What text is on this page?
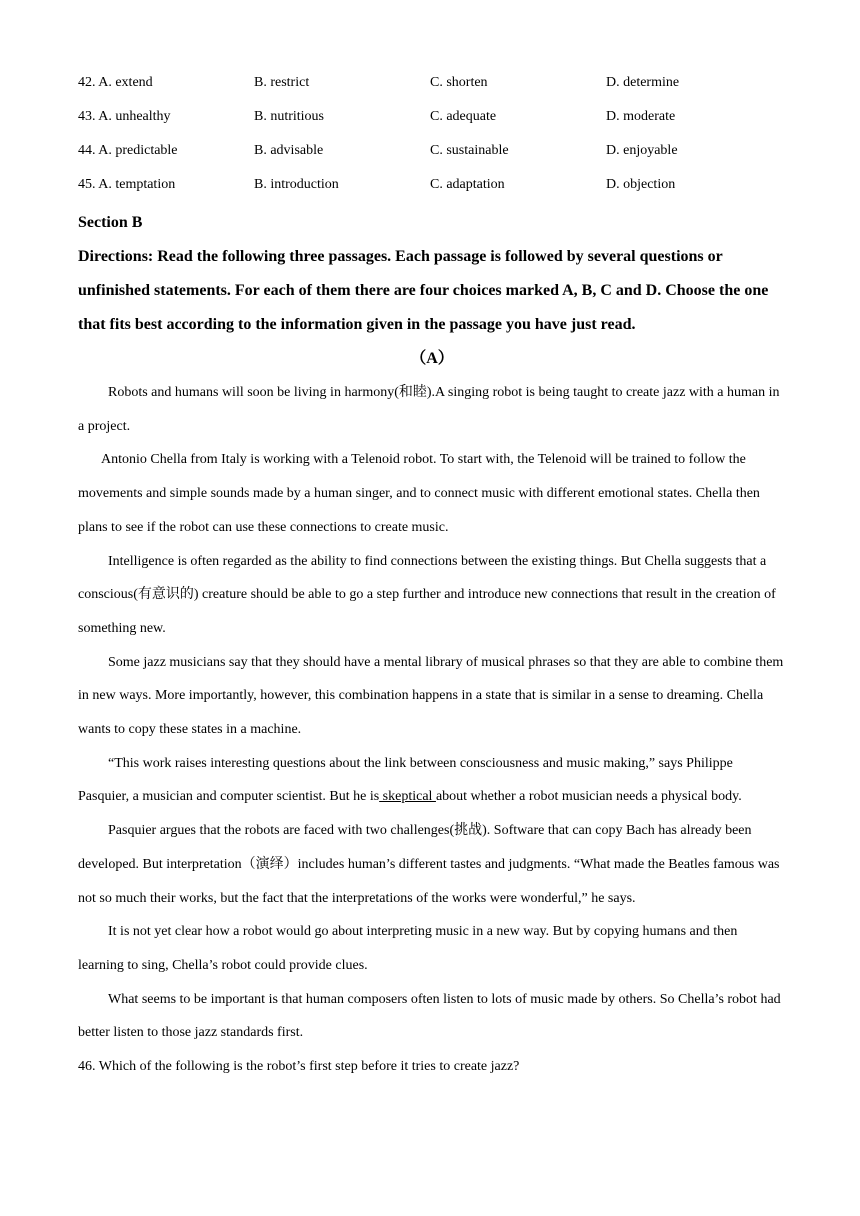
42. A. extend	B. restrict	C. shorten	D. determine
43. A. unhealthy	B. nutritious	C. adequate	D. moderate
44. A. predictable	B. advisable	C. sustainable	D. enjoyable
45. A. temptation	B. introduction	C. adaptation	D. objection
Section B

Directions: Read the following three passages. Each passage is followed by several questions or unfinished statements. For each of them there are four choices marked A, B, C and D. Choose the one that fits best according to the information given in the passage you have just read.

（A）

Robots and humans will soon be living in harmony(和睦).A singing robot is being taught to create jazz with a human in a project.

Antonio Chella from Italy is working with a Telenoid robot. To start with, the Telenoid will be trained to follow the movements and simple sounds made by a human singer, and to connect music with different emotional states. Chella then plans to see if the robot can use these connections to create music.

Intelligence is often regarded as the ability to find connections between the existing things. But Chella suggests that a conscious(有意识的) creature should be able to go a step further and introduce new connections that result in the creation of something new.

Some jazz musicians say that they should have a mental library of musical phrases so that they are able to combine them in new ways. More importantly, however, this combination happens in a state that is similar in a sense to dreaming. Chella wants to copy these states in a machine.

“This work raises interesting questions about the link between consciousness and music making,” says Philippe Pasquier, a musician and computer scientist. But he is skeptical about whether a robot musician needs a physical body.

Pasquier argues that the robots are faced with two challenges(挑战). Software that can copy Bach has already been developed. But interpretation（演绎）includes human’s different tastes and judgments. “What made the Beatles famous was not so much their works, but the fact that the interpretations of the works were wonderful,” he says.

It is not yet clear how a robot would go about interpreting music in a new way. But by copying humans and then learning to sing, Chella’s robot could provide clues.

What seems to be important is that human composers often listen to lots of music made by others. So Chella’s robot had better listen to those jazz standards first.

46. Which of the following is the robot’s first step before it tries to create jazz?
